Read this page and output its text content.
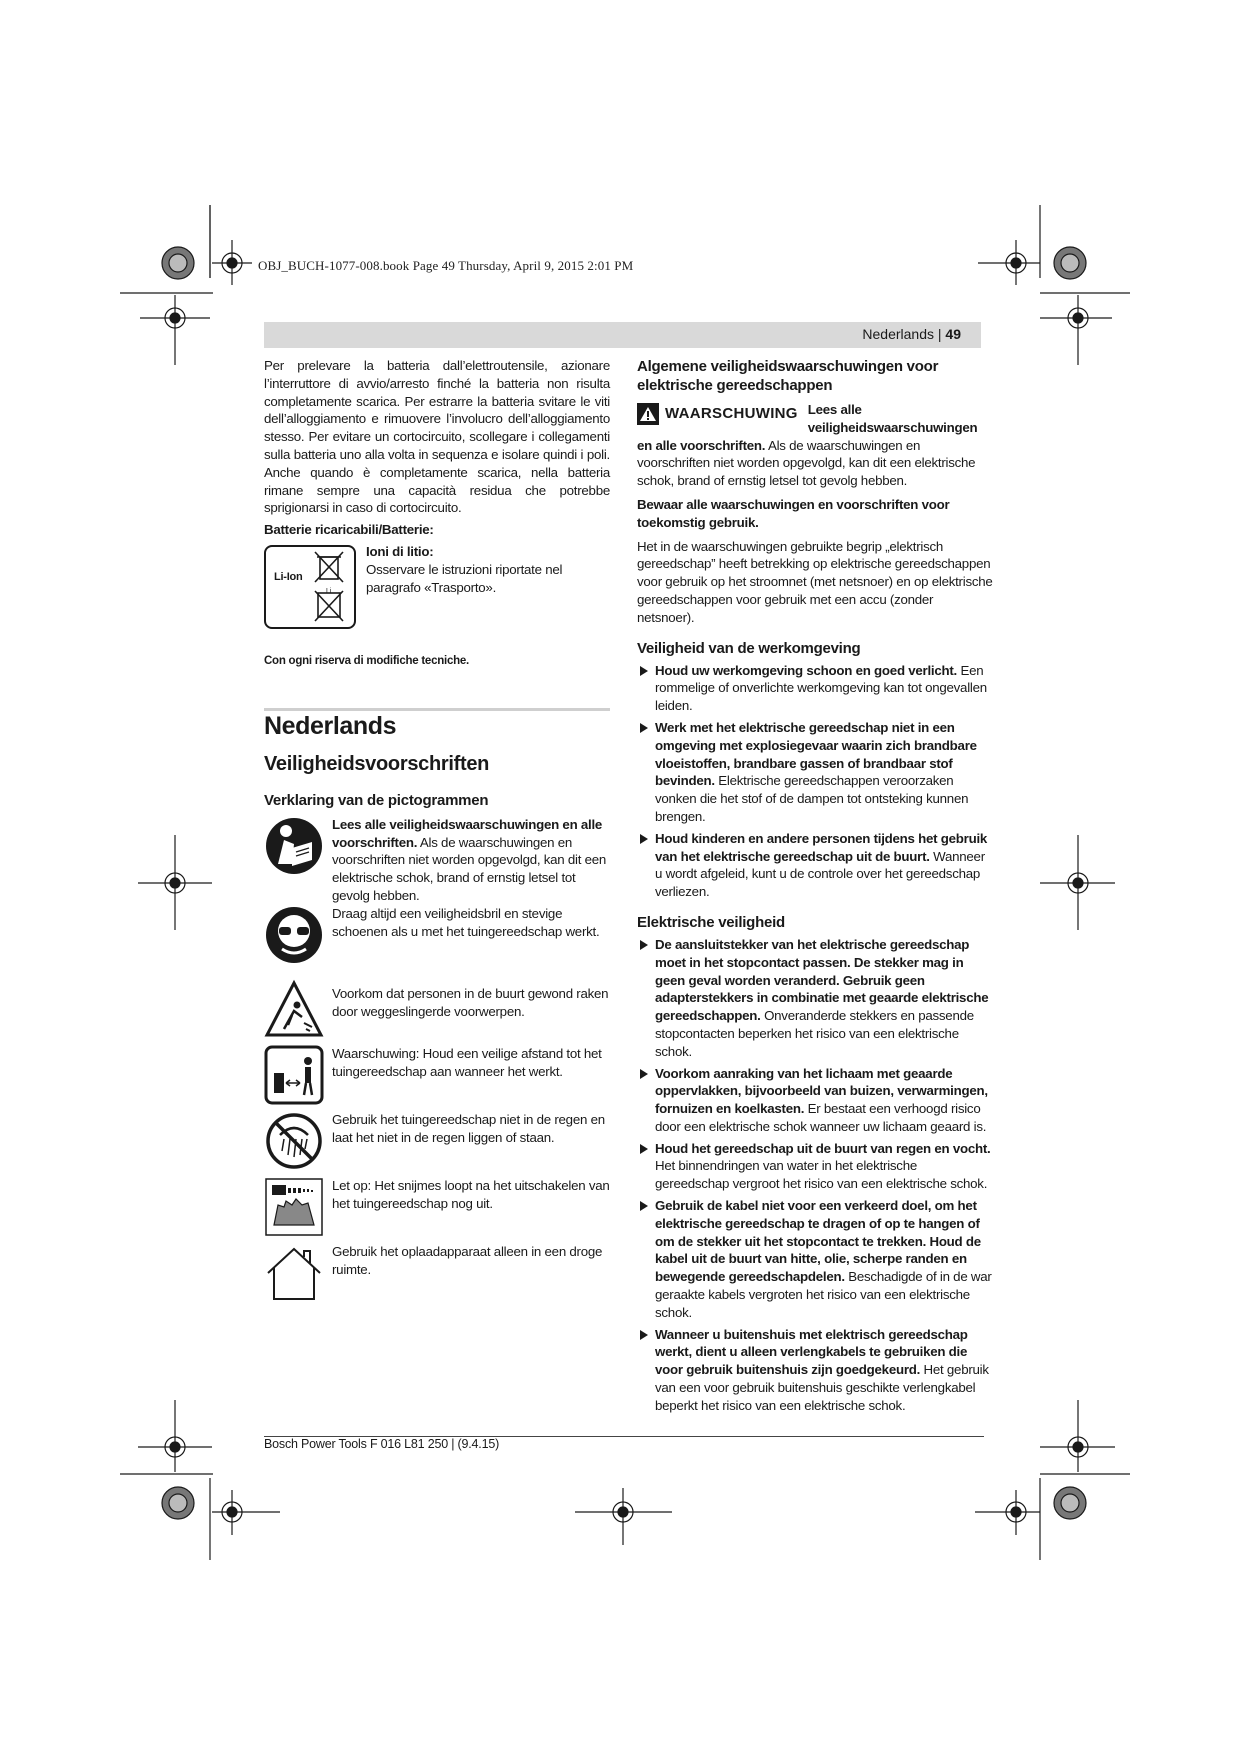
OBJ_BUCH-1077-008.book Page 49 Thursday, April 9, 2015 2:01 PM
Nederlands | 49

Per prelevare la batteria dall’elettroutensile, azionare l’interruttore di avvio/arresto finché la batteria non risulta completamente scarica. Per estrarre la batteria svitare le viti dell’alloggiamento e rimuovere l’involucro dell’alloggiamento stesso. Per evitare un cortocircuito, scollegare i collegamenti sulla batteria uno alla volta in sequenza e isolare quindi i poli. Anche quando è completamente scarica, nella batteria rimane sempre una capacità residua che potrebbe sprigionarsi in caso di cortocircuito.

Batterie ricaricabili/Batterie:

Li-Ion
Li

Ioni di litio:

Osservare le istruzioni riportate nel paragrafo «Trasporto».

Con ogni riserva di modifiche tecniche.

Nederlands
Veiligheidsvoorschriften
Verklaring van de pictogrammen
Lees alle veiligheidswaarschuwingen en alle voorschriften. Als de waarschuwingen en voorschriften niet worden opgevolgd, kan dit een elektrische schok, brand of ernstig letsel tot gevolg hebben.
Draag altijd een veiligheidsbril en stevige schoenen als u met het tuingereedschap werkt.
Voorkom dat personen in de buurt gewond raken door weggeslingerde voorwerpen.
Waarschuwing: Houd een veilige afstand tot het tuingereedschap aan wanneer het werkt.
Gebruik het tuingereedschap niet in de regen en laat het niet in de regen liggen of staan.
Let op: Het snijmes loopt na het uitschakelen van het tuingereedschap nog uit.
Gebruik het oplaadapparaat alleen in een droge ruimte.
Algemene veiligheidswaarschuwingen voor elektrische gereedschappen
WAARSCHUWING Lees alle veiligheidswaarschuwingen en alle voorschriften. Als de waarschuwingen en voorschriften niet worden opgevolgd, kan dit een elektrische schok, brand of ernstig letsel tot gevolg hebben.

Bewaar alle waarschuwingen en voorschriften voor toekomstig gebruik.

Het in de waarschuwingen gebruikte begrip „elektrisch gereedschap” heeft betrekking op elektrische gereedschappen voor gebruik op het stroomnet (met netsnoer) en op elektrische gereedschappen voor gebruik met een accu (zonder netsnoer).

Veiligheid van de werkomgeving
Houd uw werkomgeving schoon en goed verlicht. Een rommelige of onverlichte werkomgeving kan tot ongevallen leiden.
Werk met het elektrische gereedschap niet in een omgeving met explosiegevaar waarin zich brandbare vloeistoffen, brandbare gassen of brandbaar stof bevinden. Elektrische gereedschappen veroorzaken vonken die het stof of de dampen tot ontsteking kunnen brengen.
Houd kinderen en andere personen tijdens het gebruik van het elektrische gereedschap uit de buurt. Wanneer u wordt afgeleid, kunt u de controle over het gereedschap verliezen.
Elektrische veiligheid
De aansluitstekker van het elektrische gereedschap moet in het stopcontact passen. De stekker mag in geen geval worden veranderd. Gebruik geen adapterstekkers in combinatie met geaarde elektrische gereedschappen. Onveranderde stekkers en passende stopcontacten beperken het risico van een elektrische schok.
Voorkom aanraking van het lichaam met geaarde oppervlakken, bijvoorbeeld van buizen, verwarmingen, fornuizen en koelkasten. Er bestaat een verhoogd risico door een elektrische schok wanneer uw lichaam geaard is.
Houd het gereedschap uit de buurt van regen en vocht. Het binnendringen van water in het elektrische gereedschap vergroot het risico van een elektrische schok.
Gebruik de kabel niet voor een verkeerd doel, om het elektrische gereedschap te dragen of op te hangen of om de stekker uit het stopcontact te trekken. Houd de kabel uit de buurt van hitte, olie, scherpe randen en bewegende gereedschapdelen. Beschadigde of in de war geraakte kabels vergroten het risico van een elektrische schok.
Wanneer u buitenshuis met elektrisch gereedschap werkt, dient u alleen verlengkabels te gebruiken die voor gebruik buitenshuis zijn goedgekeurd. Het gebruik van een voor gebruik buitenshuis geschikte verlengkabel beperkt het risico van een elektrische schok.
Bosch Power Tools F 016 L81 250 | (9.4.15)
